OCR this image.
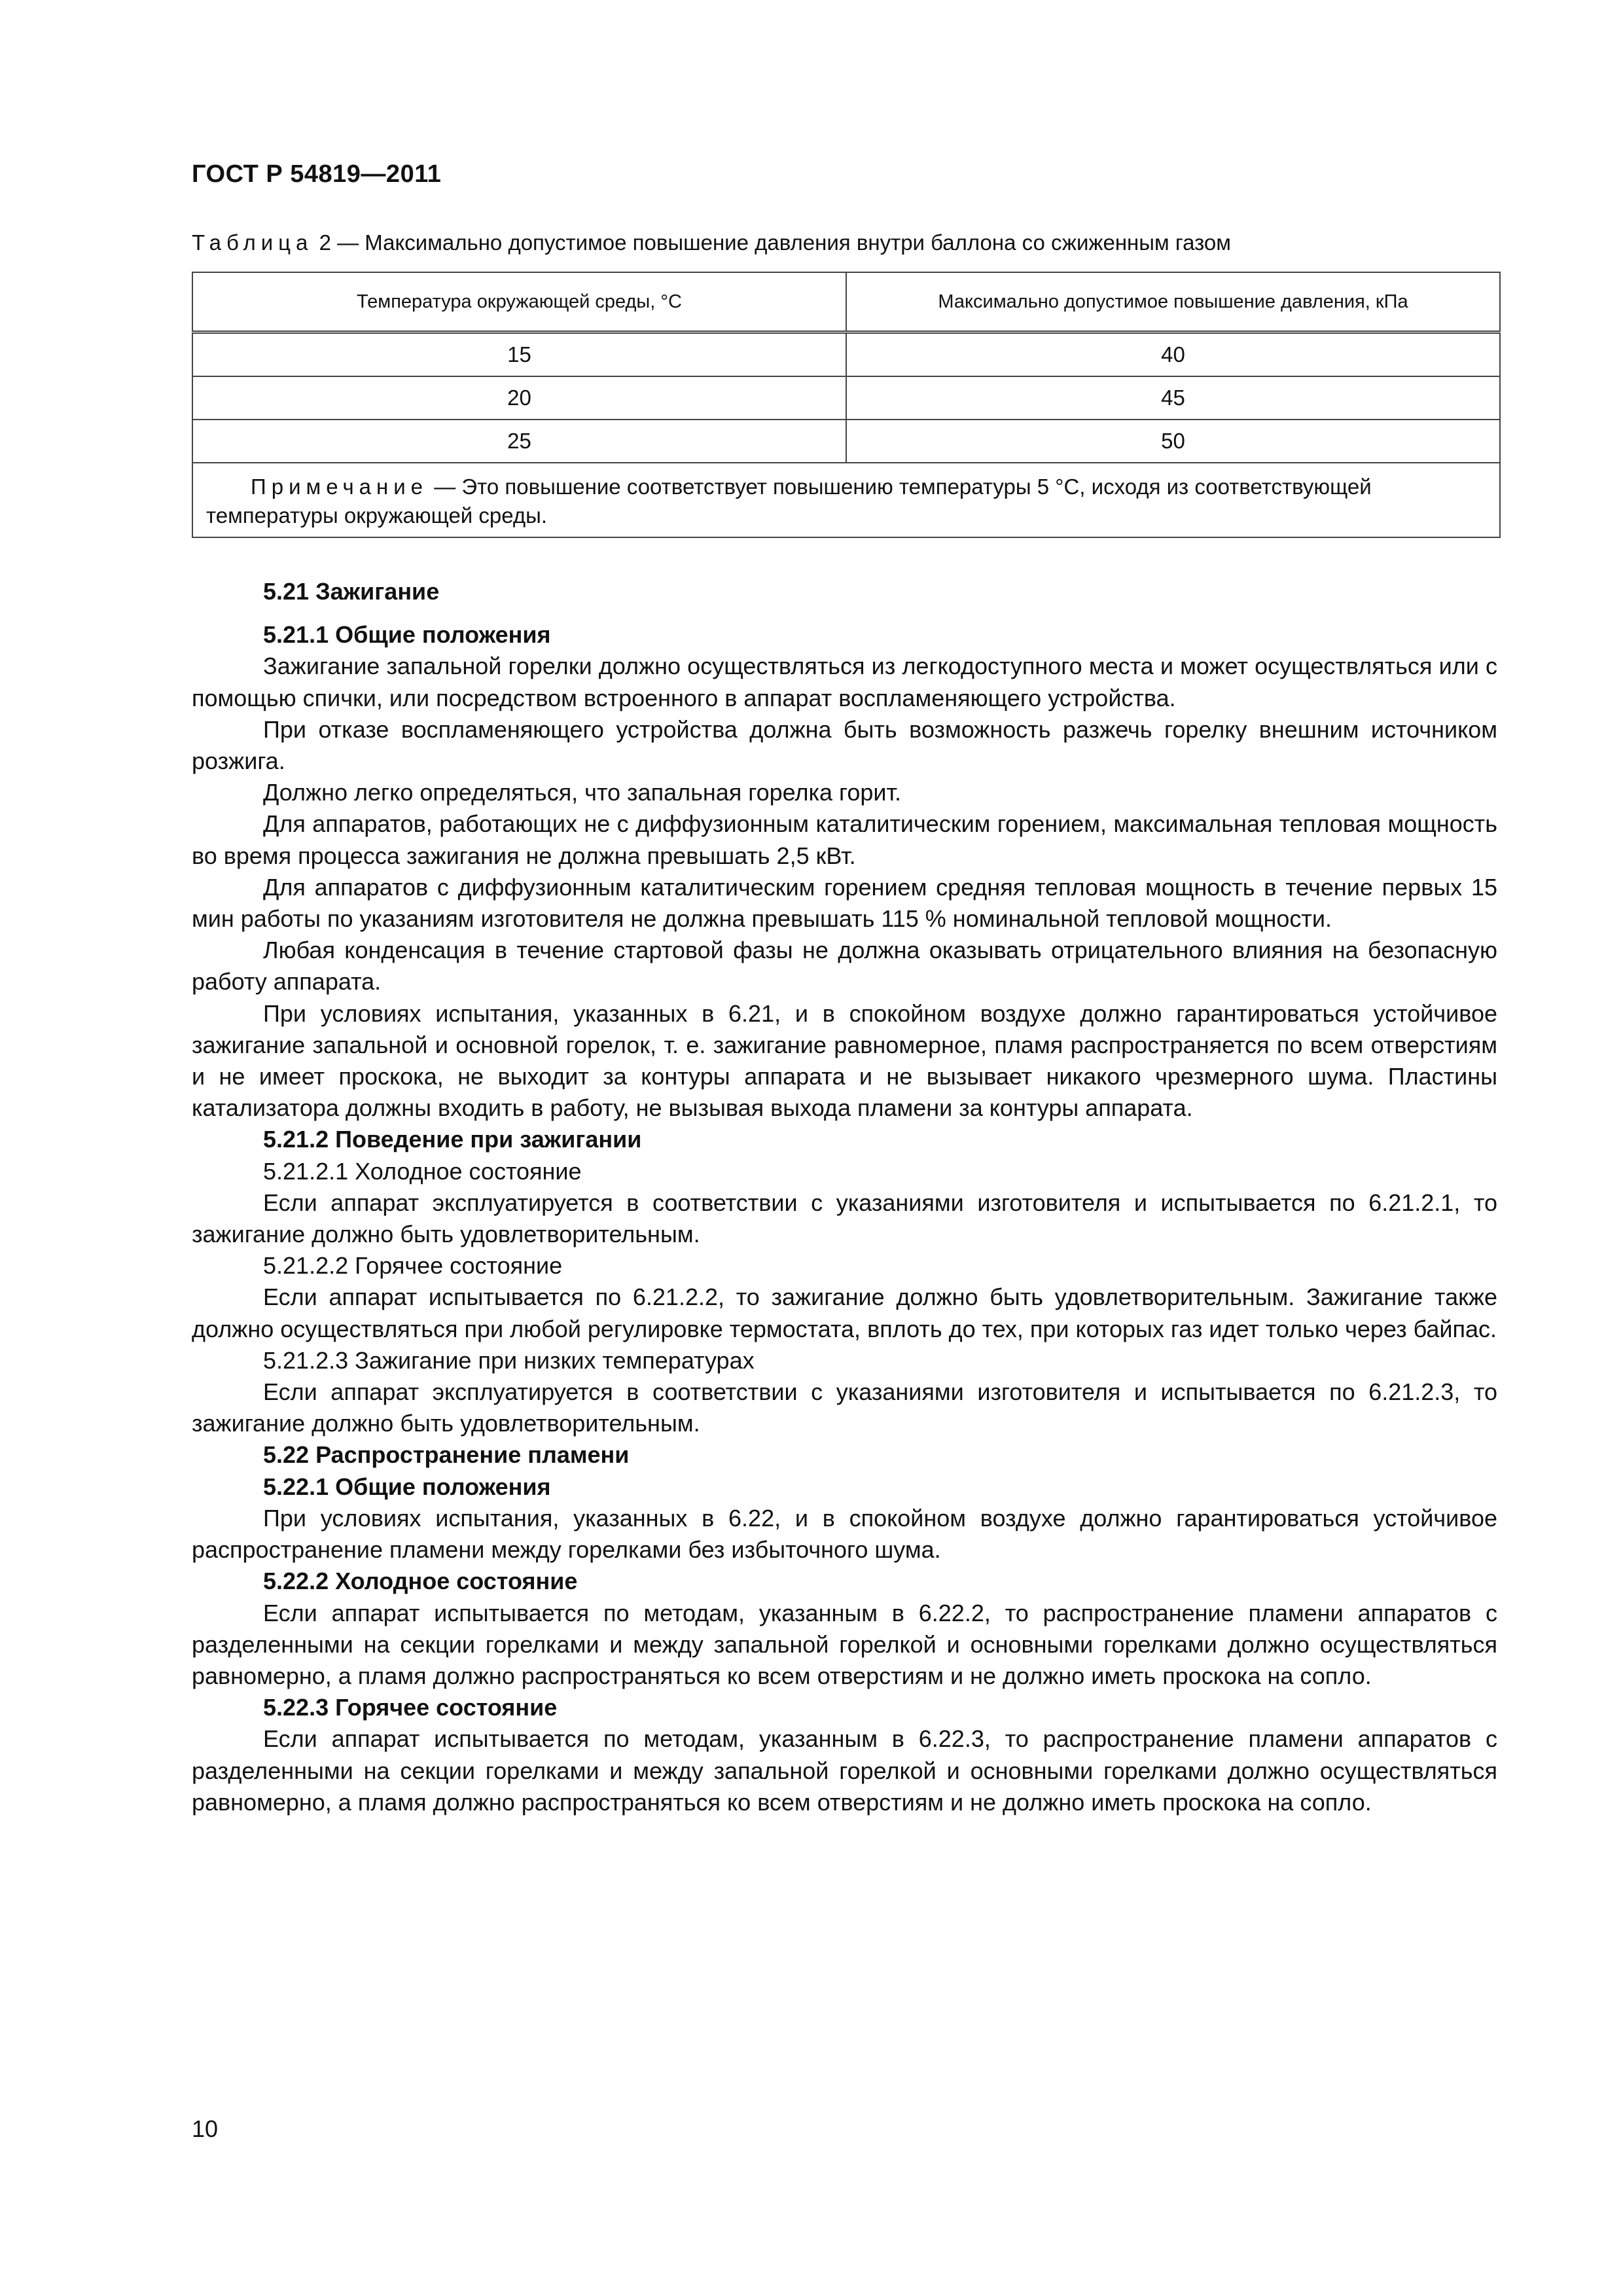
ГОСТ Р 54819—2011
Таблица 2 — Максимально допустимое повышение давления внутри баллона со сжиженным газом
Температура окружающей среды, °С	Максимально допустимое повышение давления, кПа
15	40
20	45
25	50
Примечание — Это повышение соответствует повышению температуры 5 °С, исходя из соответствующей температуры окружающей среды.	
5.21 Зажигание
5.21.1 Общие положения

Зажигание запальной горелки должно осуществляться из легкодоступного места и может осуществляться или с помощью спички, или посредством встроенного в аппарат воспламеняющего устройства.

При отказе воспламеняющего устройства должна быть возможность разжечь горелку внешним источником розжига.

Должно легко определяться, что запальная горелка горит.

Для аппаратов, работающих не с диффузионным каталитическим горением, максимальная тепловая мощность во время процесса зажигания не должна превышать 2,5 кВт.

Для аппаратов с диффузионным каталитическим горением средняя тепловая мощность в течение первых 15 мин работы по указаниям изготовителя не должна превышать 115 % номинальной тепловой мощности.

Любая конденсация в течение стартовой фазы не должна оказывать отрицательного влияния на безопасную работу аппарата.

При условиях испытания, указанных в 6.21, и в спокойном воздухе должно гарантироваться устойчивое зажигание запальной и основной горелок, т. е. зажигание равномерное, пламя распространяется по всем отверстиям и не имеет проскока, не выходит за контуры аппарата и не вызывает никакого чрезмерного шума. Пластины катализатора должны входить в работу, не вызывая выхода пламени за контуры аппарата.

5.21.2 Поведение при зажигании
5.21.2.1 Холодное состояние

Если аппарат эксплуатируется в соответствии с указаниями изготовителя и испытывается по 6.21.2.1, то зажигание должно быть удовлетворительным.

5.21.2.2 Горячее состояние

Если аппарат испытывается по 6.21.2.2, то зажигание должно быть удовлетворительным. Зажигание также должно осуществляться при любой регулировке термостата, вплоть до тех, при которых газ идет только через байпас.

5.21.2.3 Зажигание при низких температурах

Если аппарат эксплуатируется в соответствии с указаниями изготовителя и испытывается по 6.21.2.3, то зажигание должно быть удовлетворительным.

5.22 Распространение пламени
5.22.1 Общие положения

При условиях испытания, указанных в 6.22, и в спокойном воздухе должно гарантироваться устойчивое распространение пламени между горелками без избыточного шума.

5.22.2 Холодное состояние

Если аппарат испытывается по методам, указанным в 6.22.2, то распространение пламени аппаратов с разделенными на секции горелками и между запальной горелкой и основными горелками должно осуществляться равномерно, а пламя должно распространяться ко всем отверстиям и не должно иметь проскока на сопло.

5.22.3 Горячее состояние

Если аппарат испытывается по методам, указанным в 6.22.3, то распространение пламени аппаратов с разделенными на секции горелками и между запальной горелкой и основными горелками должно осуществляться равномерно, а пламя должно распространяться ко всем отверстиям и не должно иметь проскока на сопло.

10
